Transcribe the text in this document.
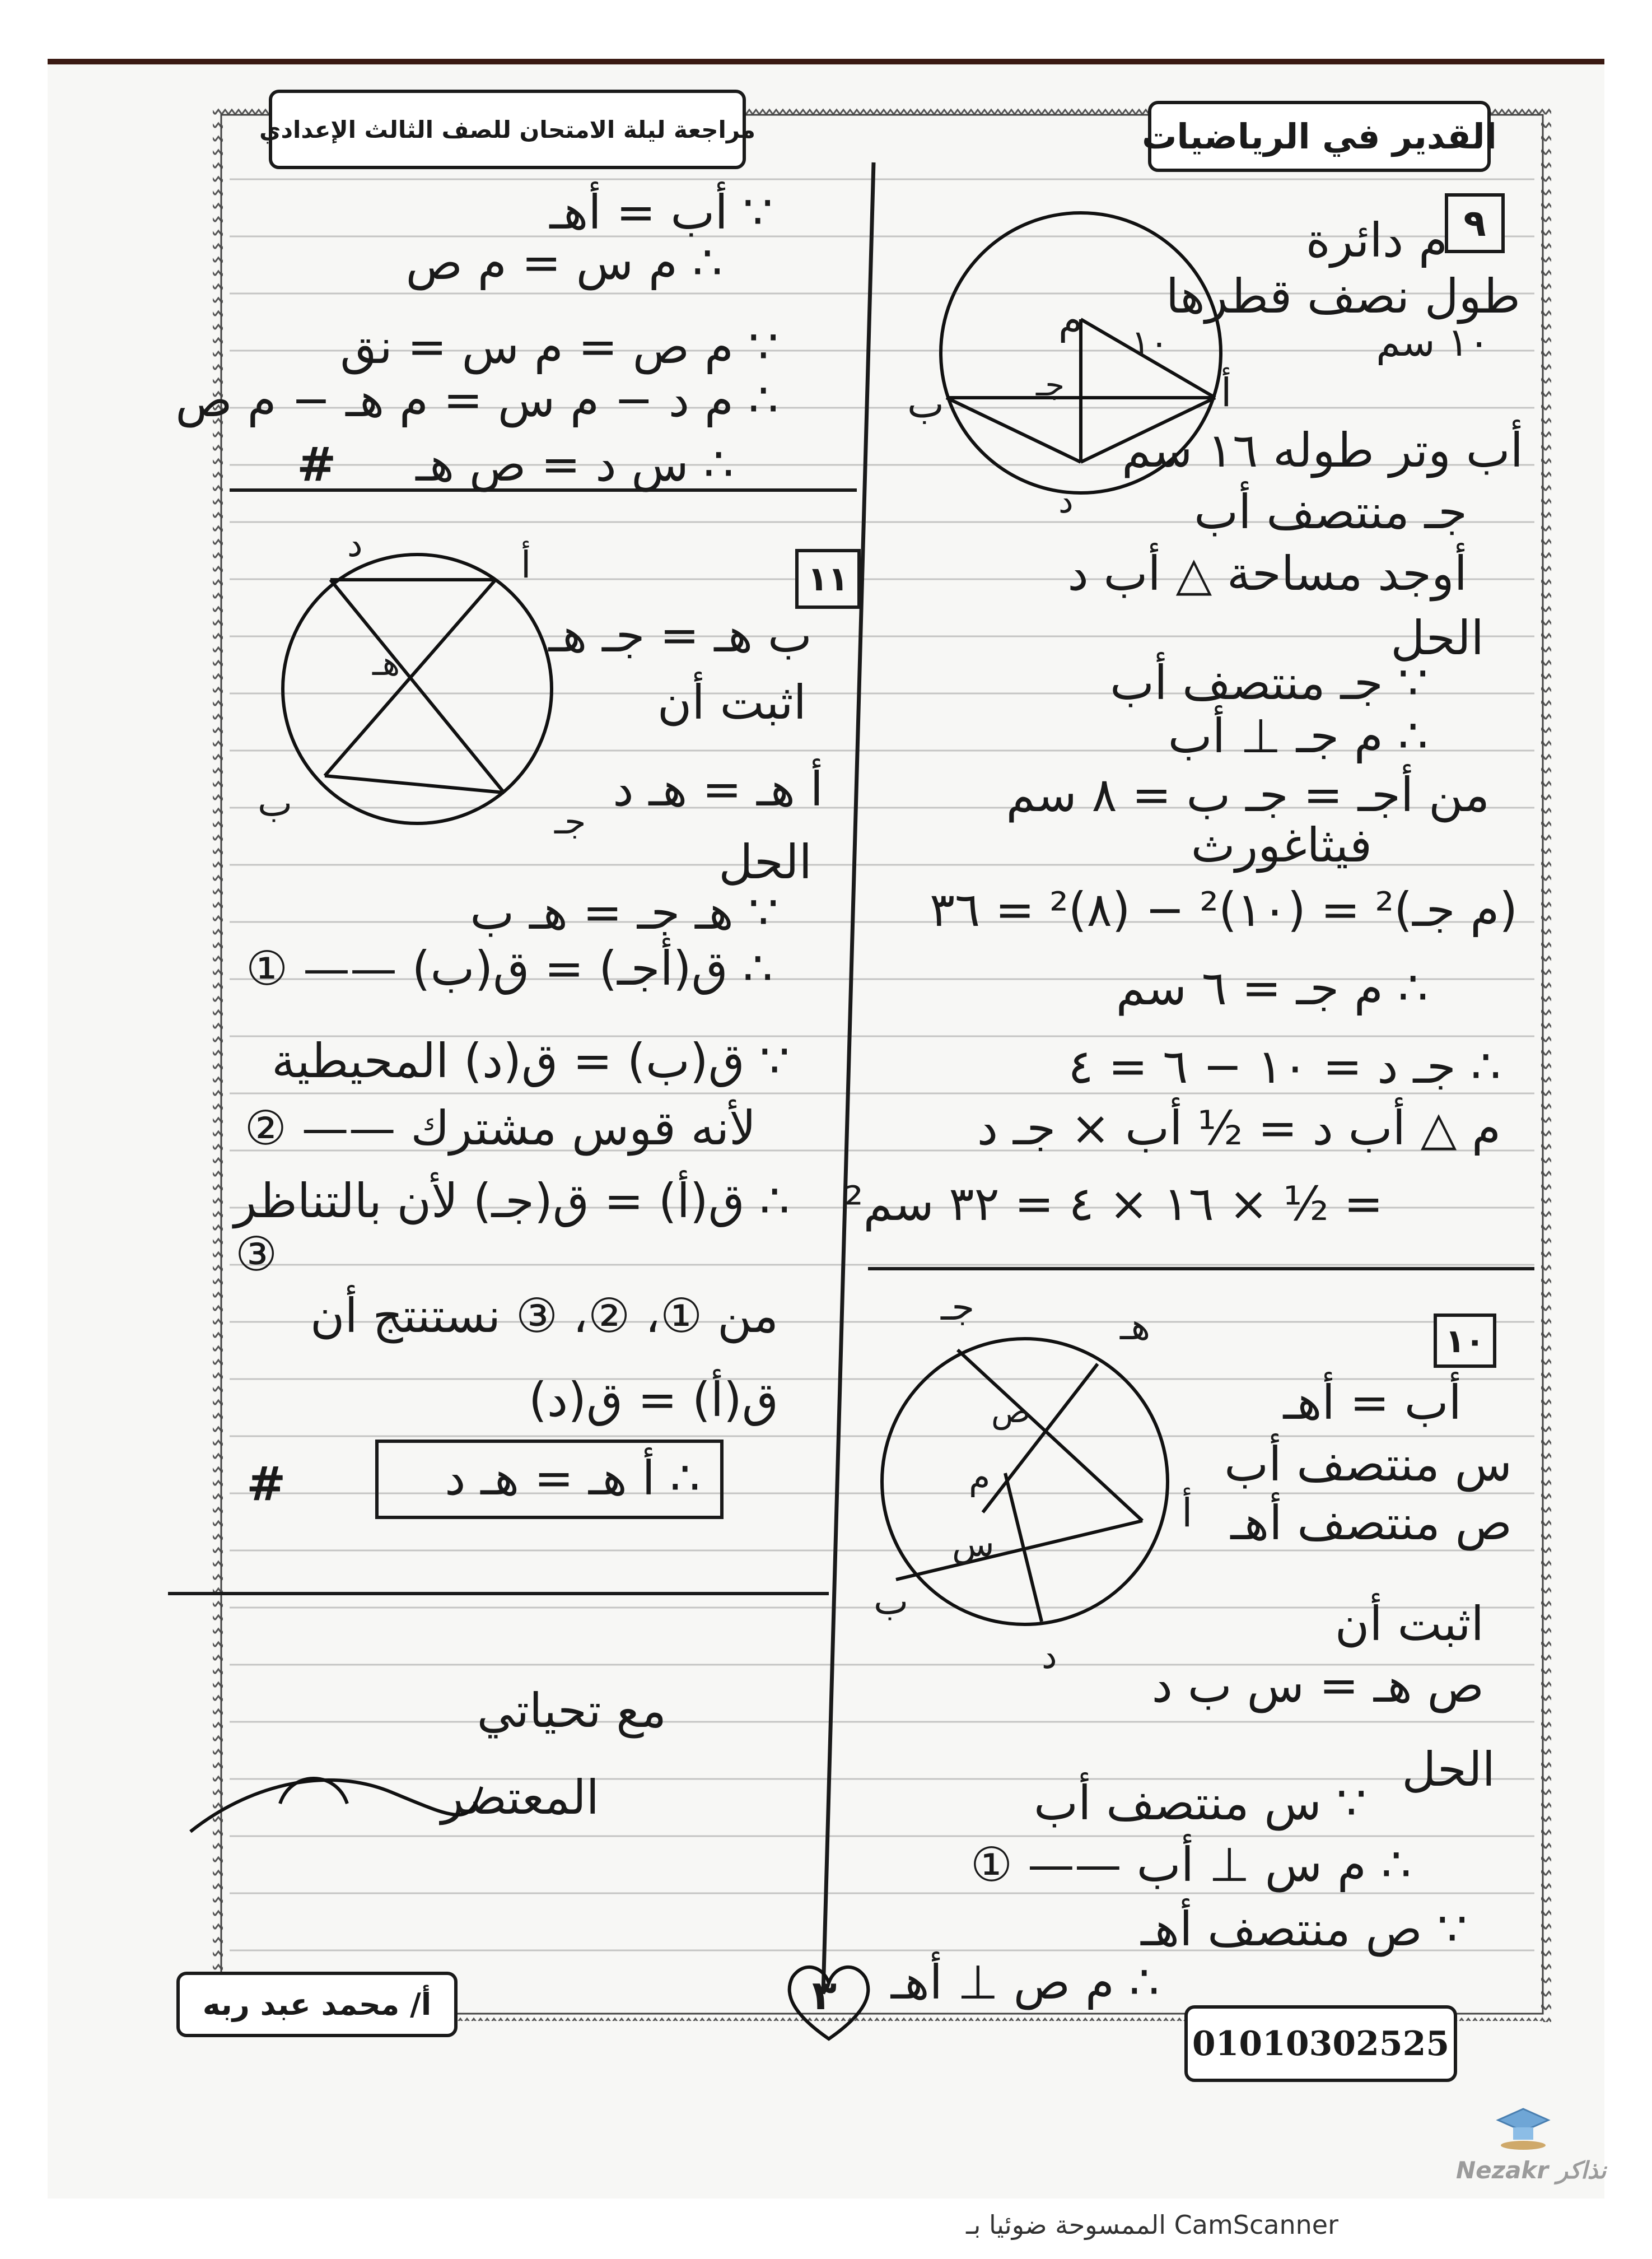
القدير في الرياضيات
مراجعة ليلة الامتحان للصف الثالث الإعدادي
٩
م ١٠
أ
ب	جـ
د
م دائرة
طول نصف قطرها
١٠ سم
أب وتر طوله ١٦ سم
جـ منتصف أب
أوجد مساحة △ أب د
الحل
∵ جـ منتصف أب
∴ م جـ ⊥ أب
من أجـ = جـ ب = ٨ سم
فيثاغورث
(م جـ)² = (١٠)² − (٨)² = ٣٦
∴ م جـ = ٦ سم
∴ جـ د = ١٠ − ٦ = ٤
م △ أب د = ½ أب × جـ د
= ½ × ١٦ × ٤ = ٣٢ سم²
١٠
جـ	هـ
ص
م
س
أ
ب
د
أب = أهـ
س منتصف أب
ص منتصف أهـ
اثبت أن
ص هـ = س ب د
الحل
∵ س منتصف أب
∴ م س ⊥ أب —— ①
∵ ص منتصف أهـ
∴ م ص ⊥ أهـ
∵ أب = أهـ
∴ م س = م ص
∵ م ص = م س = نق
∴ م د − م س = م هـ − م ص
∴ س د = ص هـ
#
١١
د	أ
هـ
ب	جـ
ب هـ = جـ هـ
اثبت أن
أ هـ = هـ د
الحل
∵ هـ جـ = هـ ب
∴ ق(أجـ) = ق(ب) —— ①
∵ ق(ب) = ق(د) المحيطية
لأنه قوس مشترك —— ②
∴ ق(أ) = ق(جـ) لأن بالتناظر
③
من ①، ②، ③ نستنتج أن
ق(أ) = ق(د)
∴ أ هـ = هـ د
مع تحياتي
المعتصر
#
أ/ محمد عبد ربه
01010302525
٣
Nezakr نذاكر
الممسوحة ضوئيا بـ CamScanner
